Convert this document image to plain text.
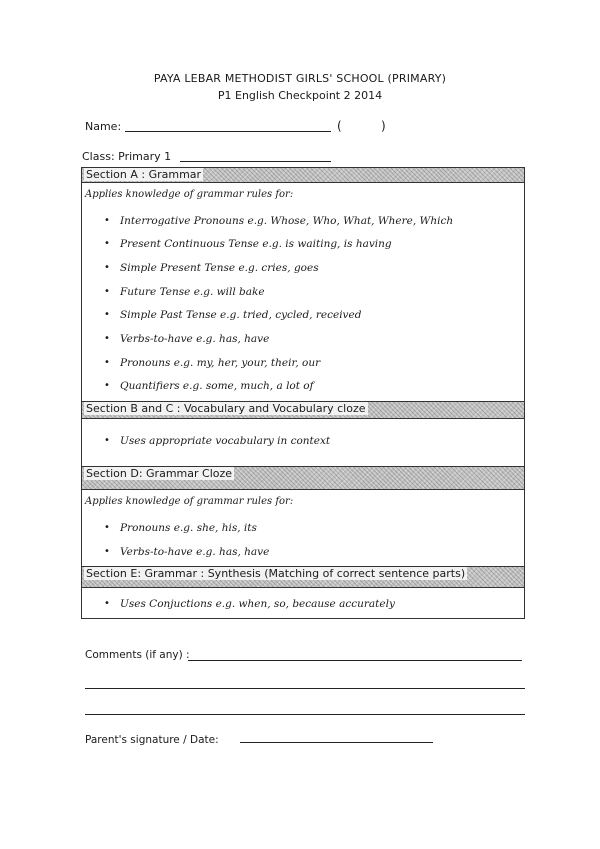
PAYA LEBAR METHODIST GIRLS' SCHOOL (PRIMARY)
P1 English Checkpoint 2 2014
Name:	(	)
Class: Primary 1
Section A : Grammar
Applies knowledge of grammar rules for:
• Interrogative Pronouns e.g. Whose, Who, What, Where, Which
• Present Continuous Tense e.g. is waiting, is having
• Simple Present Tense e.g. cries, goes
• Future Tense e.g. will bake
• Simple Past Tense e.g. tried, cycled, received
• Verbs-to-have e.g. has, have
• Pronouns e.g. my, her, your, their, our
• Quantifiers e.g. some, much, a lot of
Section B and C : Vocabulary and Vocabulary cloze
• Uses appropriate vocabulary in context
Section D: Grammar Cloze
Applies knowledge of grammar rules for:
• Pronouns e.g. she, his, its
• Verbs-to-have e.g. has, have
Section E: Grammar : Synthesis (Matching of correct sentence parts)
• Uses Conjuctions e.g. when, so, because accurately
Comments (if any) :
Parent's signature / Date:
